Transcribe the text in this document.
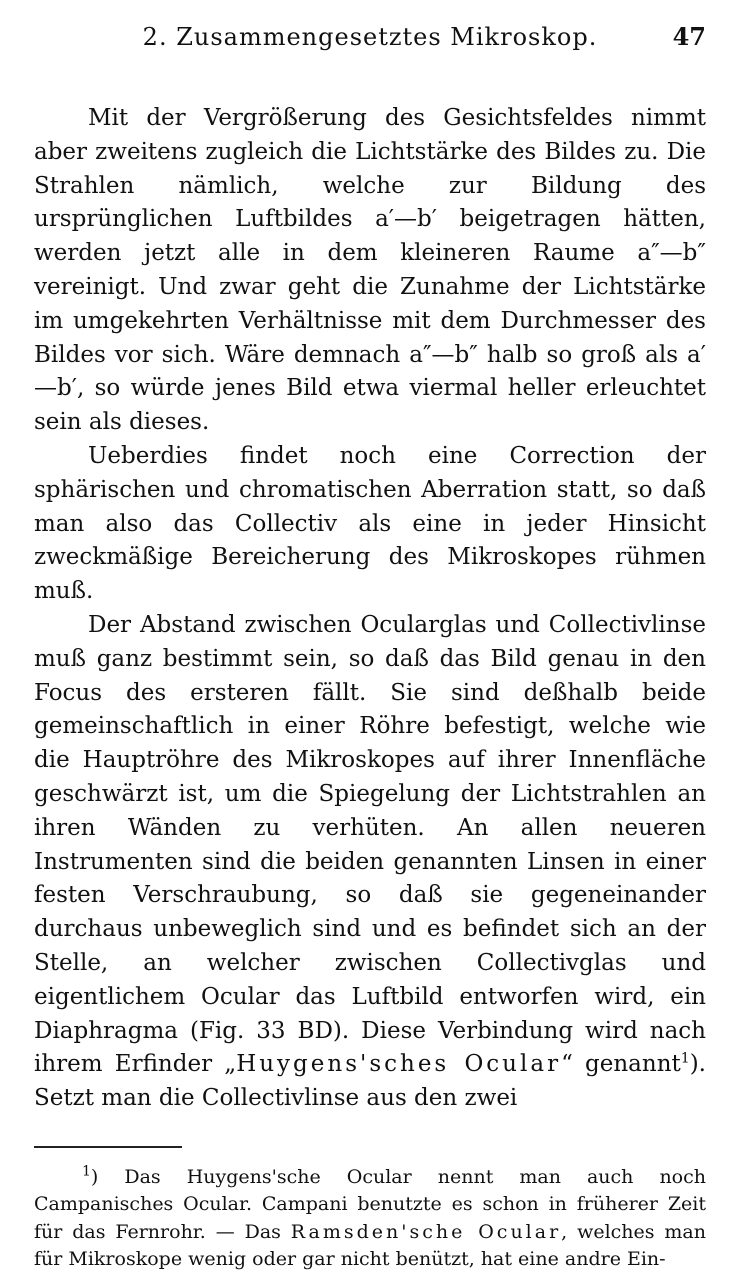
2. Zusammengesetztes Mikroskop.	47

Mit der Vergrößerung des Gesichtsfeldes nimmt aber zweitens zugleich die Lichtstärke des Bildes zu. Die Strahlen nämlich, welche zur Bildung des ursprünglichen Luftbildes a′—b′ beigetragen hätten, werden jetzt alle in dem kleineren Raume a″—b″ vereinigt. Und zwar geht die Zunahme der Lichtstärke im umgekehrten Verhältnisse mit dem Durchmesser des Bildes vor sich. Wäre demnach a″—b″ halb so groß als a′—b′, so würde jenes Bild etwa viermal heller erleuchtet sein als dieses.

Ueberdies findet noch eine Correction der sphärischen und chromatischen Aberration statt, so daß man also das Collectiv als eine in jeder Hinsicht zweckmäßige Bereicherung des Mikroskopes rühmen muß.

Der Abstand zwischen Ocularglas und Collectivlinse muß ganz bestimmt sein, so daß das Bild genau in den Focus des ersteren fällt. Sie sind deßhalb beide gemeinschaftlich in einer Röhre befestigt, welche wie die Hauptröhre des Mikroskopes auf ihrer Innenfläche geschwärzt ist, um die Spiegelung der Lichtstrahlen an ihren Wänden zu verhüten. An allen neueren Instrumenten sind die beiden genannten Linsen in einer festen Verschraubung, so daß sie gegeneinander durchaus unbeweglich sind und es befindet sich an der Stelle, an welcher zwischen Collectivglas und eigentlichem Ocular das Luftbild entworfen wird, ein Diaphragma (Fig. 33 BD). Diese Verbindung wird nach ihrem Erfinder „Huygens'sches Ocular“ genannt$^1$). Setzt man die Collectivlinse aus den zwei

$^1$) Das Huygens'sche Ocular nennt man auch noch Campanisches Ocular. Campani benutzte es schon in früherer Zeit für das Fernrohr. — Das Ramsden'sche Ocular, welches man für Mikroskope wenig oder gar nicht benützt, hat eine andre Ein-
